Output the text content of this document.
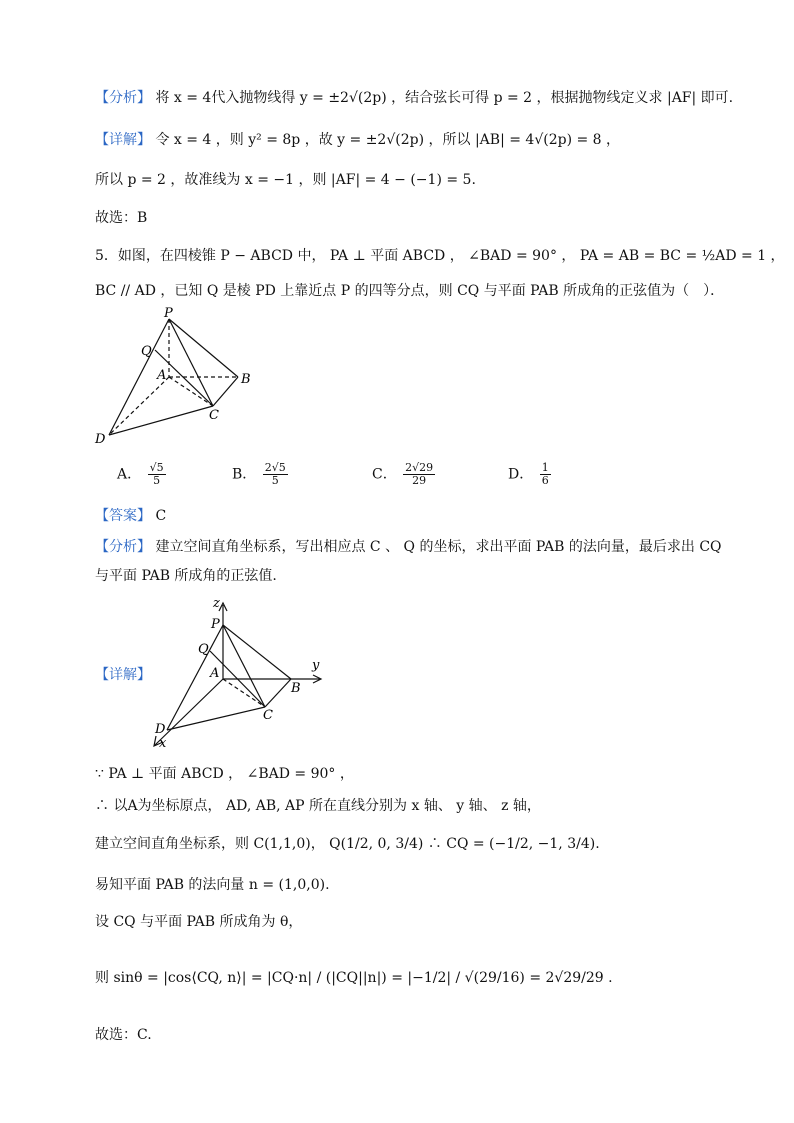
【分析】 将 x = 4代入抛物线得 y = ±2√(2p) ，结合弦长可得 p = 2 ，根据抛物线定义求 |AF| 即可.
【详解】 令 x = 4 ，则 y² = 8p ，故 y = ±2√(2p) ，所以 |AB| = 4√(2p) = 8 ，
所以 p = 2 ，故准线为 x = −1 ，则 |AF| = 4 − (−1) = 5.
故选：B
5．如图，在四棱锥 P − ABCD 中， PA ⊥ 平面 ABCD ， ∠BAD = 90° ， PA = AB = BC = ½AD = 1 ，
BC // AD ，已知 Q 是棱 PD 上靠近点 P 的四等分点，则 CQ 与平面 PAB 所成角的正弦值为（　）．
P
Q
A	B
C
D
A． $\frac{√5}{5}$	B． $\frac{2√5}{5}$	C． $\frac{2√29}{29}$	D． $\frac{1}{6}$
【答案】 C
【分析】 建立空间直角坐标系，写出相应点 C 、 Q 的坐标，求出平面 PAB 的法向量，最后求出 CQ
与平面 PAB 所成角的正弦值.
【详解】
z
y
x
P
Q
A
B
C
D
∵ PA ⊥ 平面 ABCD ， ∠BAD = 90° ，
∴ 以A为坐标原点， AD, AB, AP 所在直线分别为 x 轴、 y 轴、 z 轴，
建立空间直角坐标系，则 C(1,1,0)， Q(1/2, 0, 3/4) ∴ CQ = (−1/2, −1, 3/4).
易知平面 PAB 的法向量 n = (1,0,0).
设 CQ 与平面 PAB 所成角为 θ，
则 sinθ = |cos⟨CQ, n⟩| = |CQ·n| / (|CQ||n|) = |−1/2| / √(29/16) = 2√29/29 .
故选：C.
